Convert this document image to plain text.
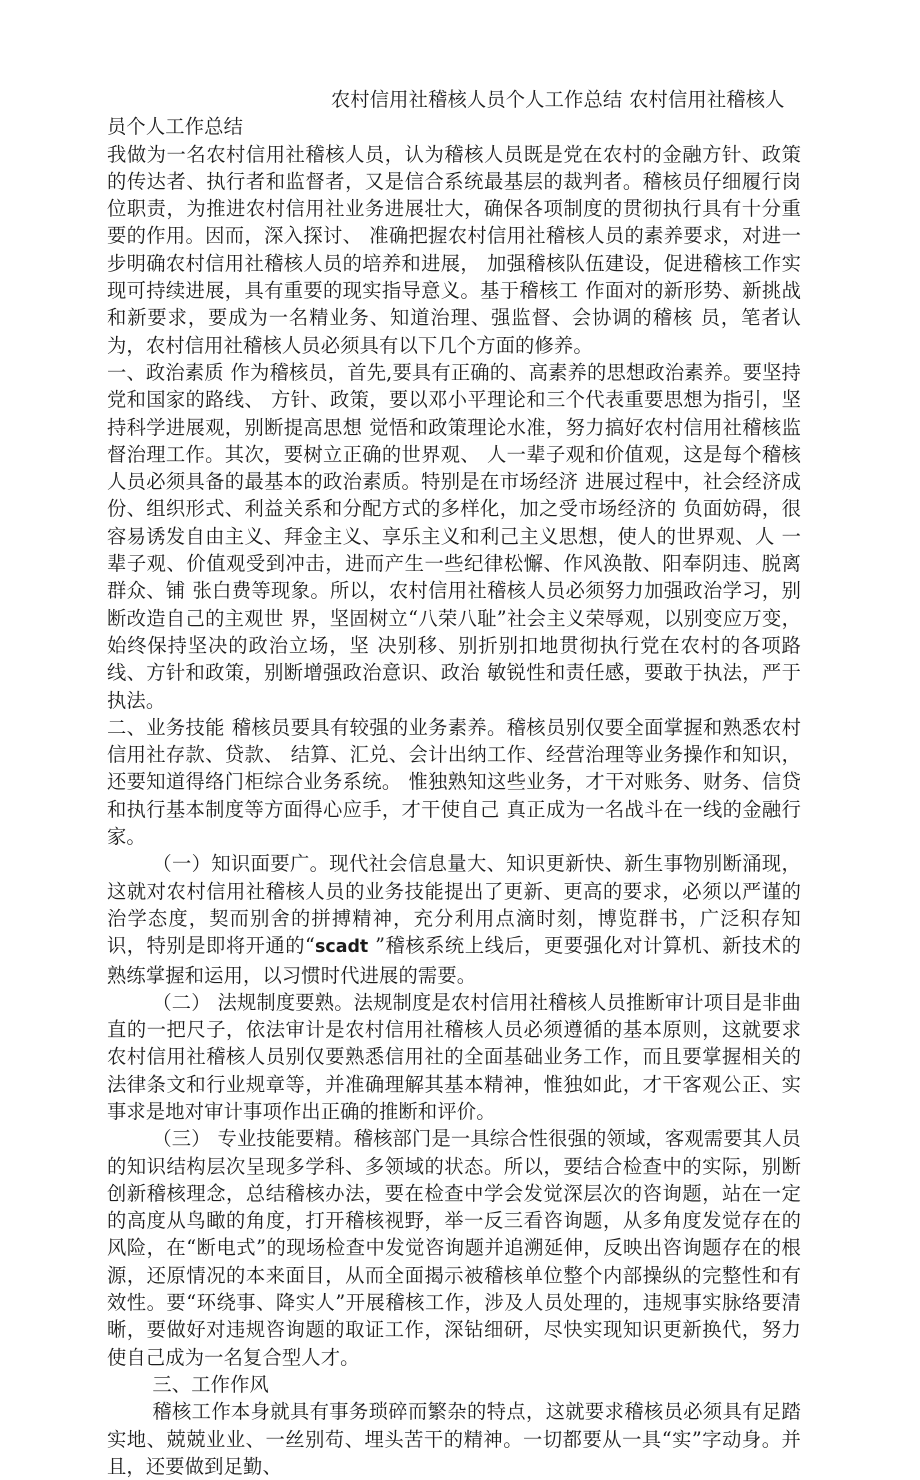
农村信用社稽核人员个人工作总结 农村信用社稽核人员个人工作总结

我做为一名农村信用社稽核人员，认为稽核人员既是党在农村的金融方针、政策的传达者、执行者和监督者，又是信合系统最基层的裁判者。稽核员仔细履行岗位职责，为推进农村信用社业务进展壮大，确保各项制度的贯彻执行具有十分重要的作用。因而，深入探讨、 准确把握农村信用社稽核人员的素养要求，对进一步明确农村信用社稽核人员的培养和进展， 加强稽核队伍建设，促进稽核工作实现可持续进展，具有重要的现实指导意义。基于稽核工 作面对的新形势、新挑战和新要求，要成为一名精业务、知道治理、强监督、会协调的稽核 员，笔者认为，农村信用社稽核人员必须具有以下几个方面的修养。

一、政治素质 作为稽核员，首先,要具有正确的、高素养的思想政治素养。要坚持党和国家的路线、 方针、政策，要以邓小平理论和三个代表重要思想为指引，坚持科学进展观，别断提高思想 觉悟和政策理论水准，努力搞好农村信用社稽核监督治理工作。其次，要树立正确的世界观、 人一辈子观和价值观，这是每个稽核人员必须具备的最基本的政治素质。特别是在市场经济 进展过程中，社会经济成份、组织形式、利益关系和分配方式的多样化，加之受市场经济的 负面妨碍，很容易诱发自由主义、拜金主义、享乐主义和利己主义思想，使人的世界观、人 一辈子观、价值观受到冲击，进而产生一些纪律松懈、作风涣散、阳奉阴违、脱离群众、铺 张白费等现象。所以，农村信用社稽核人员必须努力加强政治学习，别断改造自己的主观世 界，坚固树立“八荣八耻”社会主义荣辱观，以别变应万变，始终保持坚决的政治立场，坚 决别移、别折别扣地贯彻执行党在农村的各项路线、方针和政策，别断增强政治意识、政治 敏锐性和责任感，要敢于执法，严于执法。

二、业务技能 稽核员要具有较强的业务素养。稽核员别仅要全面掌握和熟悉农村信用社存款、贷款、 结算、汇兑、会计出纳工作、经营治理等业务操作和知识，还要知道得络门柜综合业务系统。 惟独熟知这些业务，才干对账务、财务、信贷和执行基本制度等方面得心应手，才干使自己 真正成为一名战斗在一线的金融行家。

（一）知识面要广。现代社会信息量大、知识更新快、新生事物别断涌现，这就对农村信用社稽核人员的业务技能提出了更新、更高的要求，必须以严谨的治学态度，契而别舍的拼搏精神，充分利用点滴时刻，博览群书，广泛积存知识，特别是即将开通的“scadt ”稽核系统上线后，更要强化对计算机、新技术的熟练掌握和运用，以习惯时代进展的需要。

（二） 法规制度要熟。法规制度是农村信用社稽核人员推断审计项目是非曲直的一把尺子，依法审计是农村信用社稽核人员必须遵循的基本原则，这就要求农村信用社稽核人员别仅要熟悉信用社的全面基础业务工作，而且要掌握相关的法律条文和行业规章等，并准确理解其基本精神，惟独如此，才干客观公正、实事求是地对审计事项作出正确的推断和评价。

（三） 专业技能要精。稽核部门是一具综合性很强的领域，客观需要其人员的知识结构层次呈现多学科、多领域的状态。所以，要结合检查中的实际，别断创新稽核理念，总结稽核办法，要在检查中学会发觉深层次的咨询题，站在一定的高度从鸟瞰的角度，打开稽核视野，举一反三看咨询题，从多角度发觉存在的风险，在“断电式”的现场检查中发觉咨询题并追溯延伸，反映出咨询题存在的根源，还原情况的本来面目，从而全面揭示被稽核单位整个内部操纵的完整性和有效性。要“环绕事、降实人”开展稽核工作，涉及人员处理的，违规事实脉络要清晰，要做好对违规咨询题的取证工作，深钻细研，尽快实现知识更新换代，努力使自己成为一名复合型人才。

三、工作作风

稽核工作本身就具有事务琐碎而繁杂的特点，这就要求稽核员必须具有足踏实地、兢兢业业、一丝别苟、埋头苦干的精神。一切都要从一具“实”字动身。并且，还要做到足勤、
